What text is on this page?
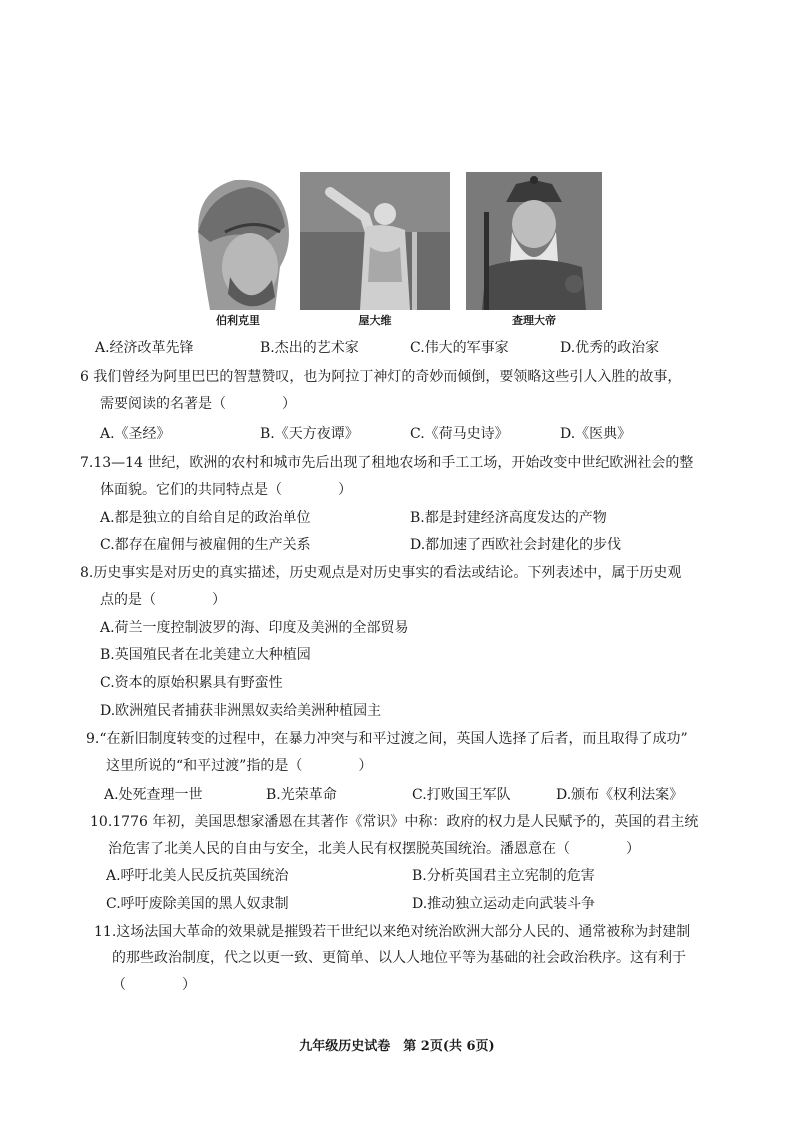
伯利克里	屋大维	查理大帝
A.经济改革先锋	B.杰出的艺术家	C.伟大的军事家	D.优秀的政治家
6 我们曾经为阿里巴巴的智慧赞叹，也为阿拉丁神灯的奇妙而倾倒，要领略这些引人入胜的故事，
需要阅读的名著是（　　　　）
A.《圣经》	B.《天方夜谭》	C.《荷马史诗》	D.《医典》
7.13—14 世纪，欧洲的农村和城市先后出现了租地农场和手工工场，开始改变中世纪欧洲社会的整
体面貌。它们的共同特点是（　　　　）
A.都是独立的自给自足的政治单位	B.都是封建经济高度发达的产物
C.都存在雇佣与被雇佣的生产关系	D.都加速了西欧社会封建化的步伐
8.历史事实是对历史的真实描述，历史观点是对历史事实的看法或结论。下列表述中，属于历史观
点的是（　　　　）
A.荷兰一度控制波罗的海、印度及美洲的全部贸易
B.英国殖民者在北美建立大种植园
C.资本的原始积累具有野蛮性
D.欧洲殖民者捕获非洲黑奴卖给美洲种植园主
9.“在新旧制度转变的过程中，在暴力冲突与和平过渡之间，英国人选择了后者，而且取得了成功”
这里所说的“和平过渡”指的是（　　　　）
A.处死查理一世	B.光荣革命	C.打败国王军队	D.颁布《权利法案》
10.1776 年初，美国思想家潘恩在其著作《常识》中称：政府的权力是人民赋予的，英国的君主统
治危害了北美人民的自由与安全，北美人民有权摆脱英国统治。潘恩意在（　　　　）
A.呼吁北美人民反抗英国统治	B.分析英国君主立宪制的危害
C.呼吁废除美国的黑人奴隶制	D.推动独立运动走向武装斗争
11.这场法国大革命的效果就是摧毁若干世纪以来绝对统治欧洲大部分人民的、通常被称为封建制
的那些政治制度，代之以更一致、更简单、以人人地位平等为基础的社会政治秩序。这有利于
（　　　　）
九年级历史试卷　第 2页(共 6页)
